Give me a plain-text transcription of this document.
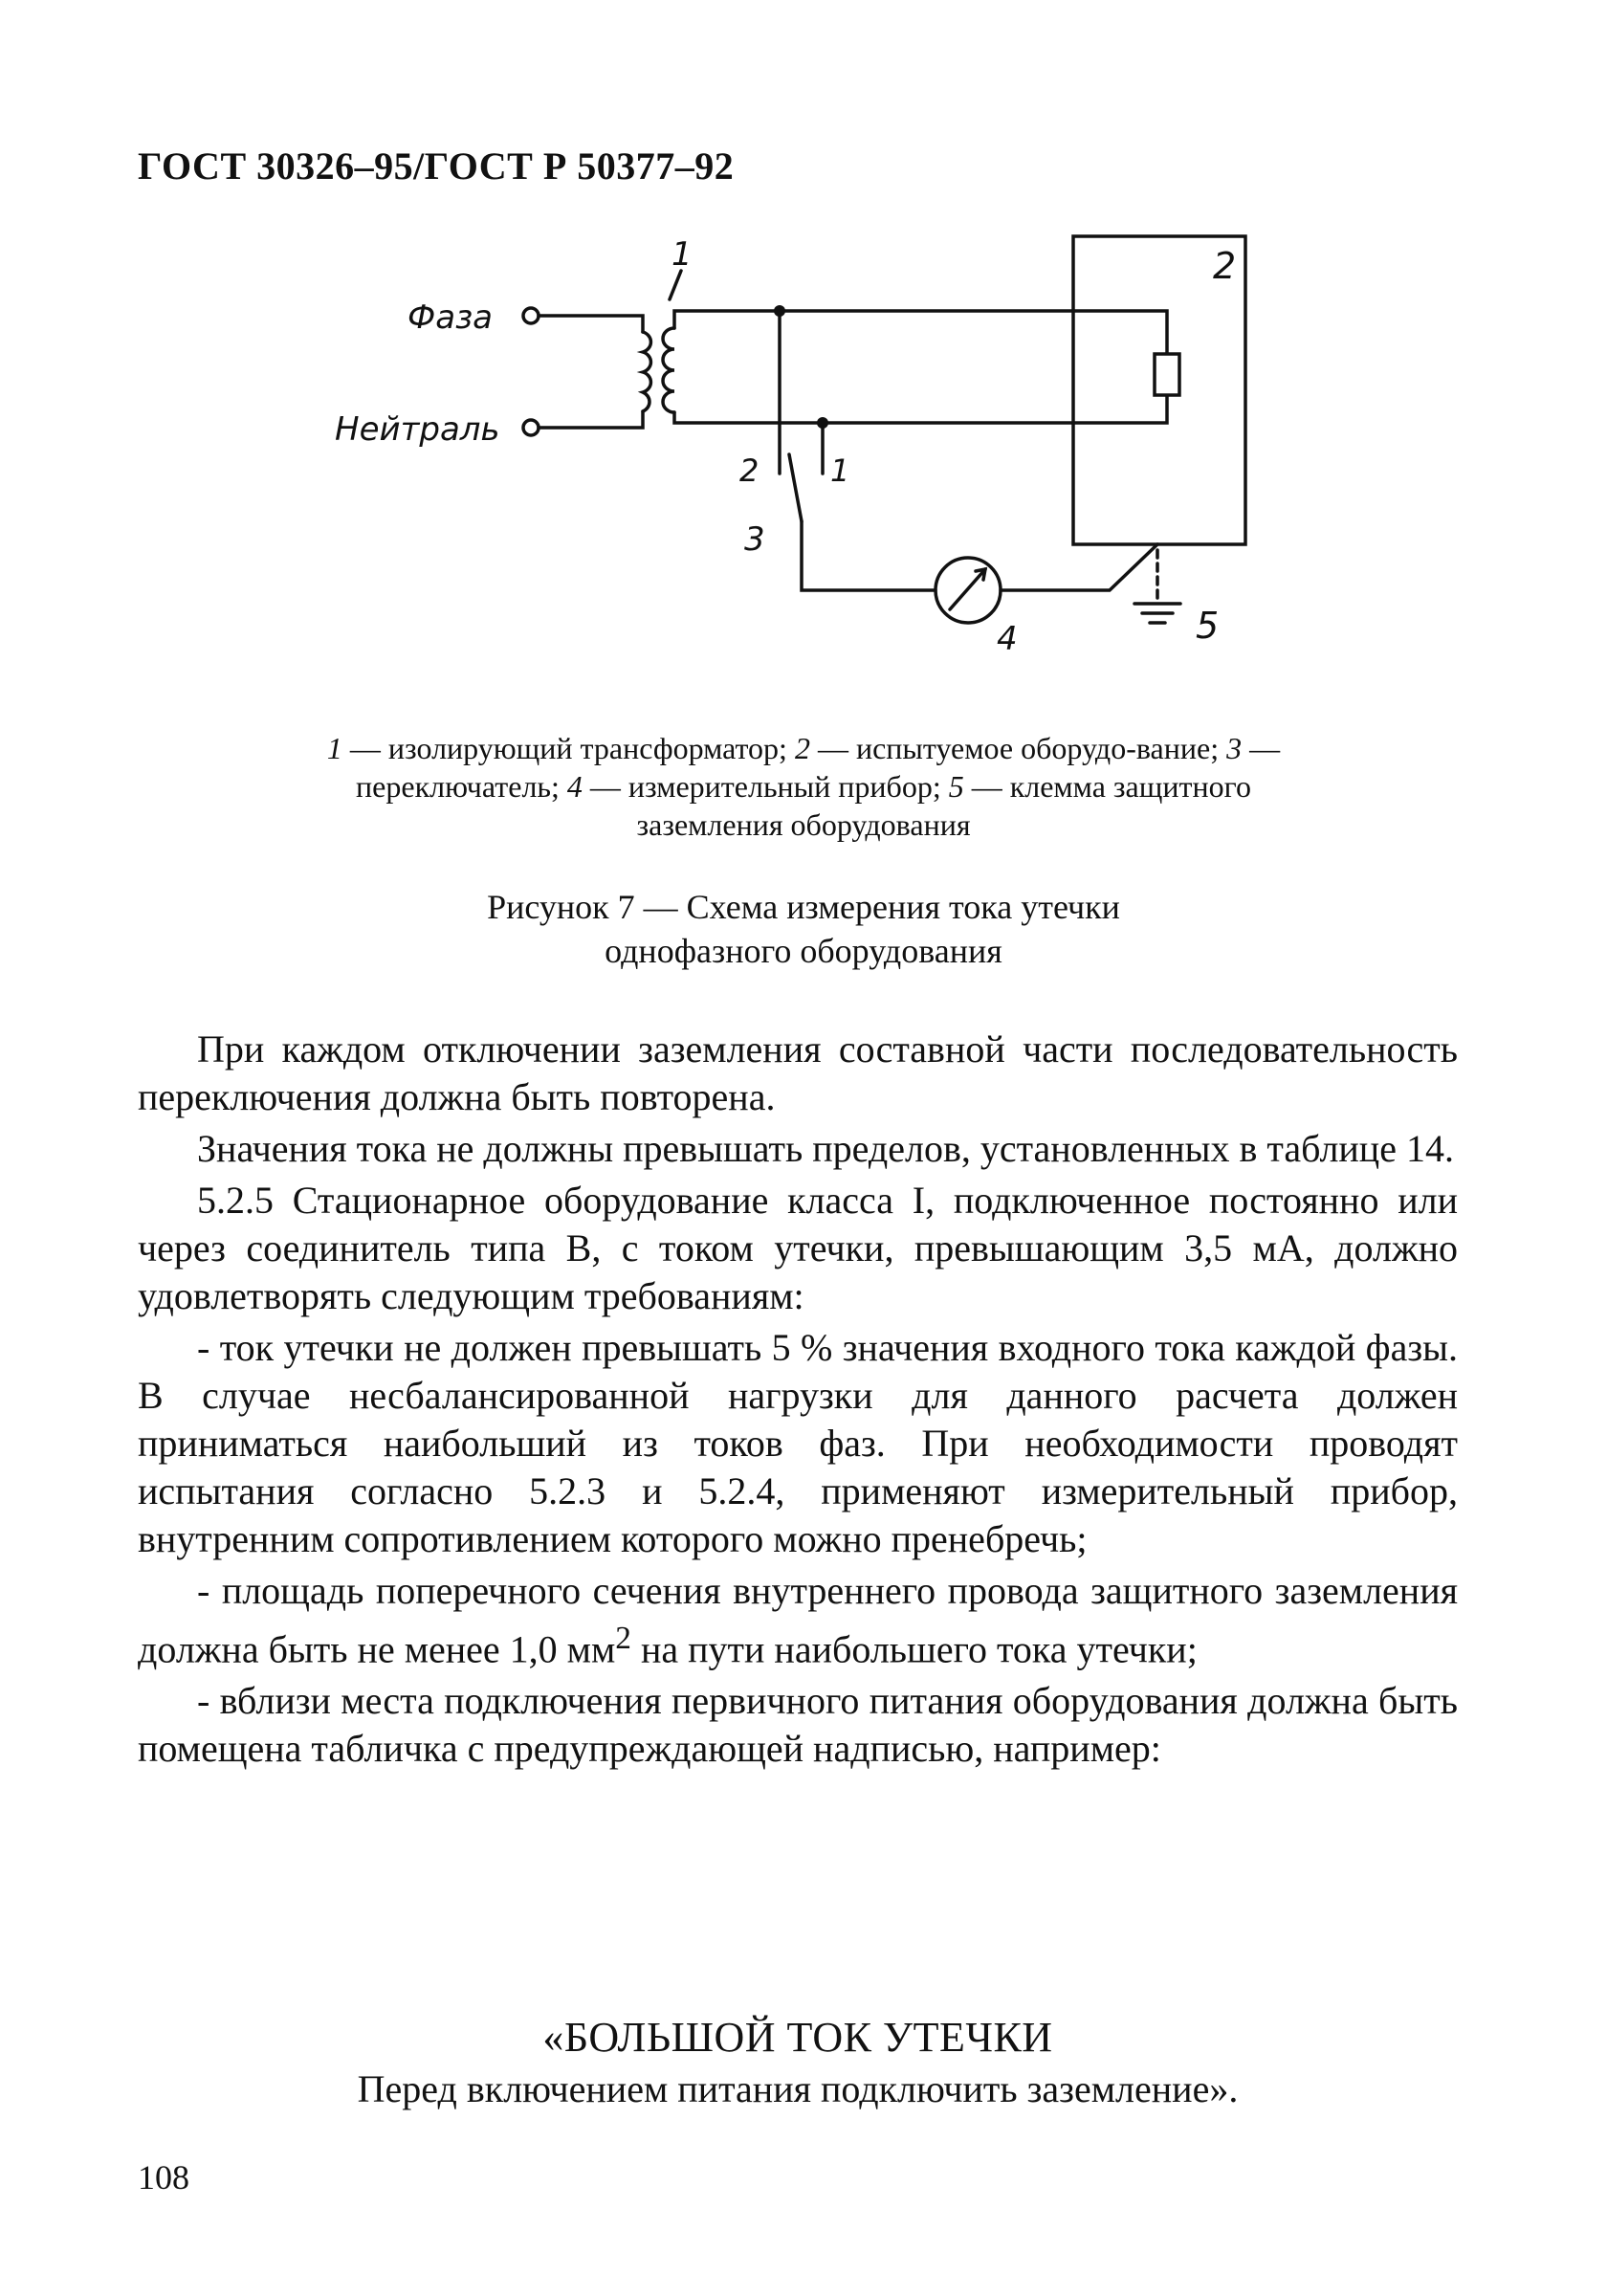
ГОСТ 30326–95/ГОСТ Р 50377–92
Фаза
Нейтраль
1	2
2 1
3
4	5
1 — изолирующий трансформатор; 2 — испытуемое оборудо-вание; 3 — переключатель; 4 — измерительный прибор; 5 — клемма защитного заземления оборудования
Рисунок 7 — Схема измерения тока утечки
однофазного оборудования

При каждом отключении заземления составной части последовательность переключения должна быть повторена.

Значения тока не должны превышать пределов, установленных в таблице 14.

5.2.5 Стационарное оборудование класса I, подключенное постоянно или через соединитель типа В, с током утечки, превышающим 3,5 мА, должно удовлетворять следующим требованиям:

- ток утечки не должен превышать 5 % значения входного тока каждой фазы. В случае несбалансированной нагрузки для данного расчета должен приниматься наибольший из токов фаз. При необходимости проводят испытания согласно 5.2.3 и 5.2.4, применяют измерительный прибор, внутренним сопротивлением которого можно пренебречь;

- площадь поперечного сечения внутреннего провода защитного заземления должна быть не менее 1,0 $мм^2$ на пути наибольшего тока утечки;

- вблизи места подключения первичного питания оборудования должна быть помещена табличка с предупреждающей надписью, например:

«БОЛЬШОЙ ТОК УТЕЧКИ
Перед включением питания подключить заземление».
108
